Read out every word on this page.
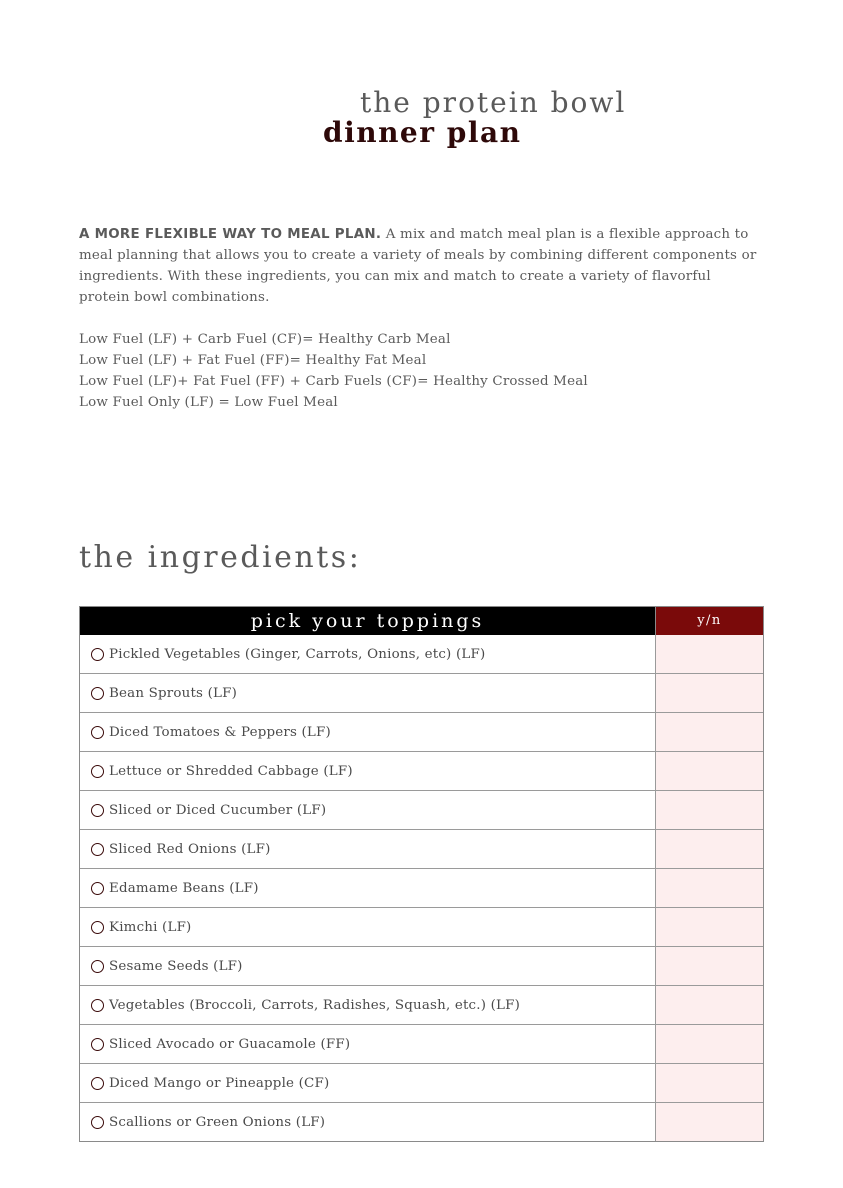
the protein bowl
dinner plan

A MORE FLEXIBLE WAY TO MEAL PLAN. A mix and match meal plan is a flexible approach to meal planning that allows you to create a variety of meals by combining different components or ingredients. With these ingredients, you can mix and match to create a variety of flavorful protein bowl combinations.

Low Fuel (LF) + Carb Fuel (CF)= Healthy Carb Meal
Low Fuel (LF) + Fat Fuel (FF)= Healthy Fat Meal
Low Fuel (LF)+ Fat Fuel (FF) + Carb Fuels (CF)= Healthy Crossed Meal
Low Fuel Only (LF) = Low Fuel Meal
the ingredients:
pick your toppings	y/n
Pickled Vegetables (Ginger, Carrots, Onions, etc) (LF)
Bean Sprouts (LF)
Diced Tomatoes & Peppers (LF)
Lettuce or Shredded Cabbage (LF)
Sliced or Diced Cucumber (LF)
Sliced Red Onions (LF)
Edamame Beans (LF)
Kimchi (LF)
Sesame Seeds (LF)
Vegetables (Broccoli, Carrots, Radishes, Squash, etc.) (LF)
Sliced Avocado or Guacamole (FF)
Diced Mango or Pineapple (CF)
Scallions or Green Onions (LF)
